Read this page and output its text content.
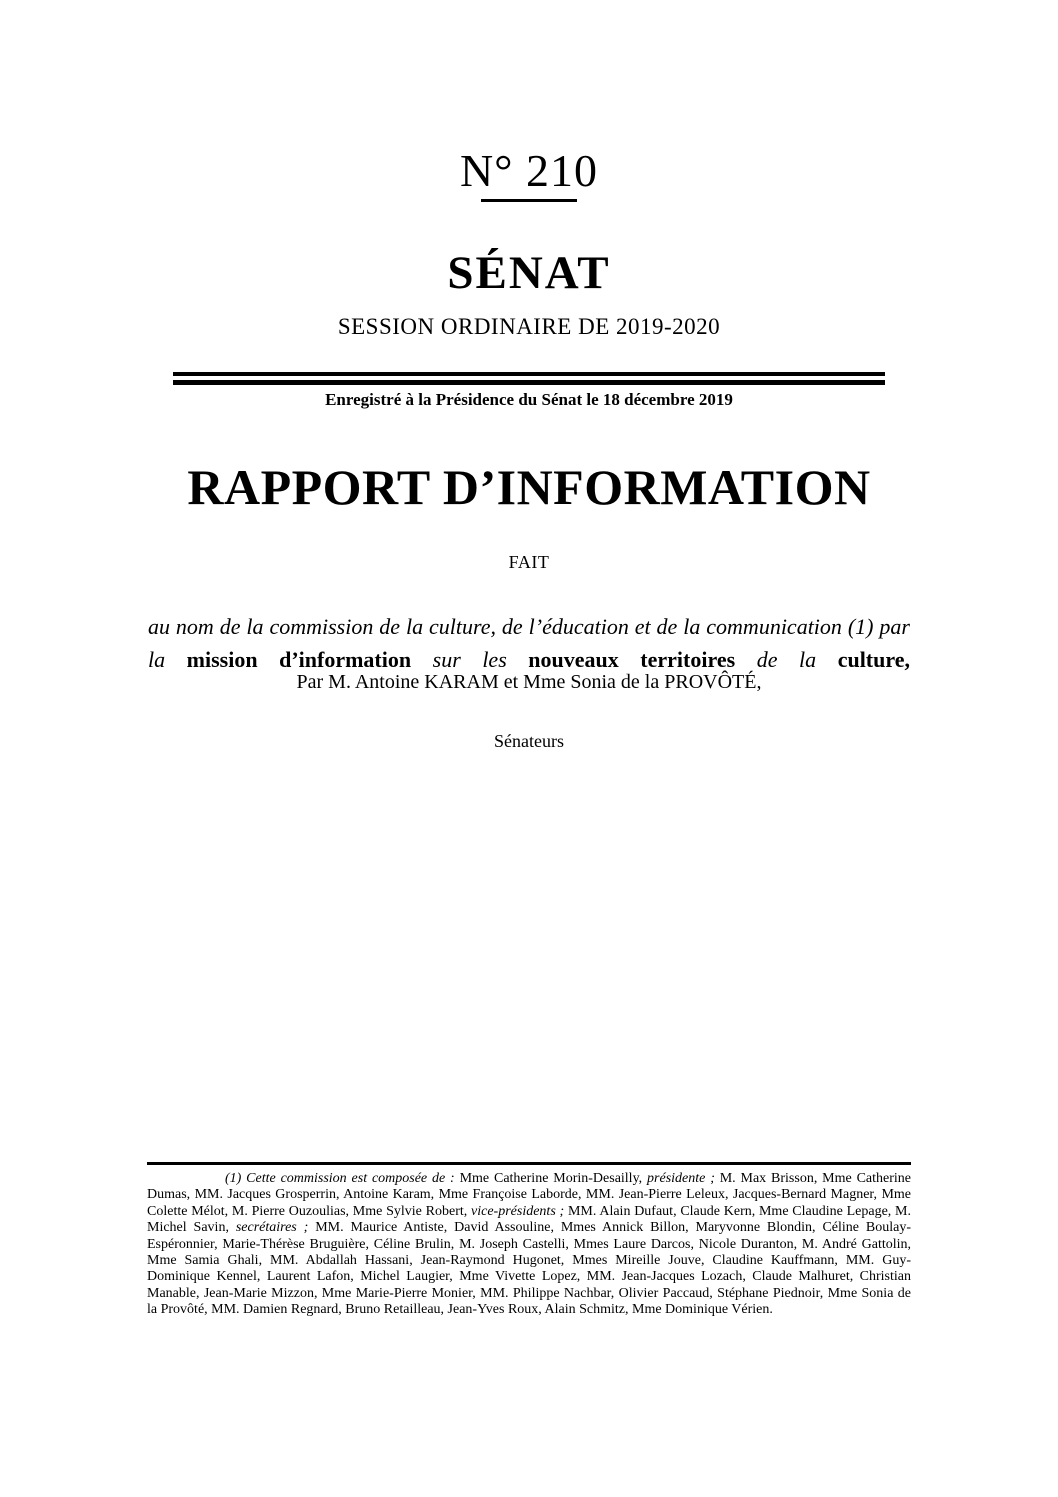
N° 210
SÉNAT
SESSION ORDINAIRE DE 2019-2020
Enregistré à la Présidence du Sénat le 18 décembre 2019
RAPPORT D’INFORMATION
FAIT

au nom de la commission de la culture, de l’éducation et de la communication (1) par la mission d’information sur les nouveaux territoires de la culture,

Par M. Antoine KARAM et Mme Sonia de la PROVÔTÉ,
Sénateurs

(1) Cette commission est composée de : Mme Catherine Morin-Desailly, présidente ; M. Max Brisson, Mme Catherine Dumas, MM. Jacques Grosperrin, Antoine Karam, Mme Françoise Laborde, MM. Jean-Pierre Leleux, Jacques-Bernard Magner, Mme Colette Mélot, M. Pierre Ouzoulias, Mme Sylvie Robert, vice-présidents ; MM. Alain Dufaut, Claude Kern, Mme Claudine Lepage, M. Michel Savin, secrétaires ; MM. Maurice Antiste, David Assouline, Mmes Annick Billon, Maryvonne Blondin, Céline Boulay-Espéronnier, Marie-Thérèse Bruguière, Céline Brulin, M. Joseph Castelli, Mmes Laure Darcos, Nicole Duranton, M. André Gattolin, Mme Samia Ghali, MM. Abdallah Hassani, Jean-Raymond Hugonet, Mmes Mireille Jouve, Claudine Kauffmann, MM. Guy-Dominique Kennel, Laurent Lafon, Michel Laugier, Mme Vivette Lopez, MM. Jean-Jacques Lozach, Claude Malhuret, Christian Manable, Jean-Marie Mizzon, Mme Marie-Pierre Monier, MM. Philippe Nachbar, Olivier Paccaud, Stéphane Piednoir, Mme Sonia de la Provôté, MM. Damien Regnard, Bruno Retailleau, Jean-Yves Roux, Alain Schmitz, Mme Dominique Vérien.
